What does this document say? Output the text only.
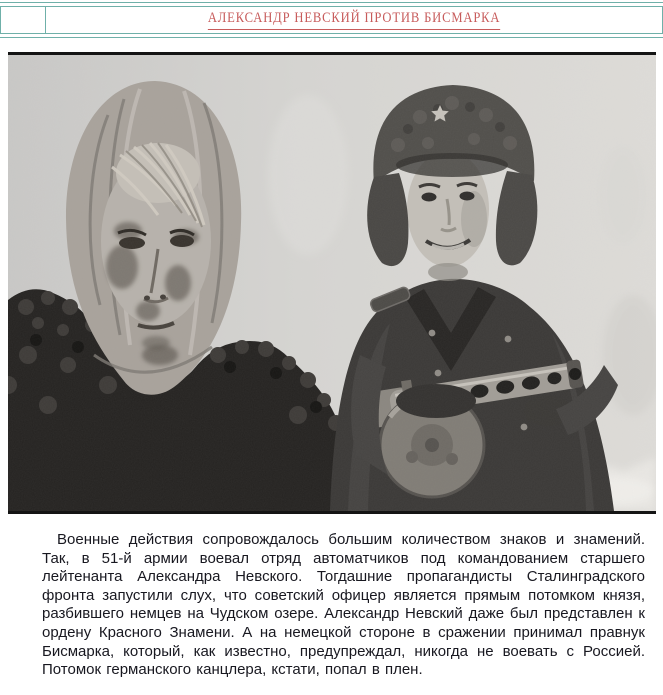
АЛЕКСАНДР НЕВСКИЙ ПРОТИВ БИСМАРКА

Военные действия сопровождалось большим количеством знаков и знамений. Так, в 51-й армии воевал отряд автоматчиков под командованием старшего лейтенанта Александра Невского. Тогдашние пропагандисты Сталинградского фронта запустили слух, что советский офицер является прямым потомком князя, разбившего немцев на Чудском озере. Александр Невский даже был представлен к ордену Красного Знамени. А на немецкой стороне в сражении принимал правнук Бисмарка, который, как известно, предупреждал, никогда не воевать с Россией. Потомок германского канцлера, кстати, попал в плен.
